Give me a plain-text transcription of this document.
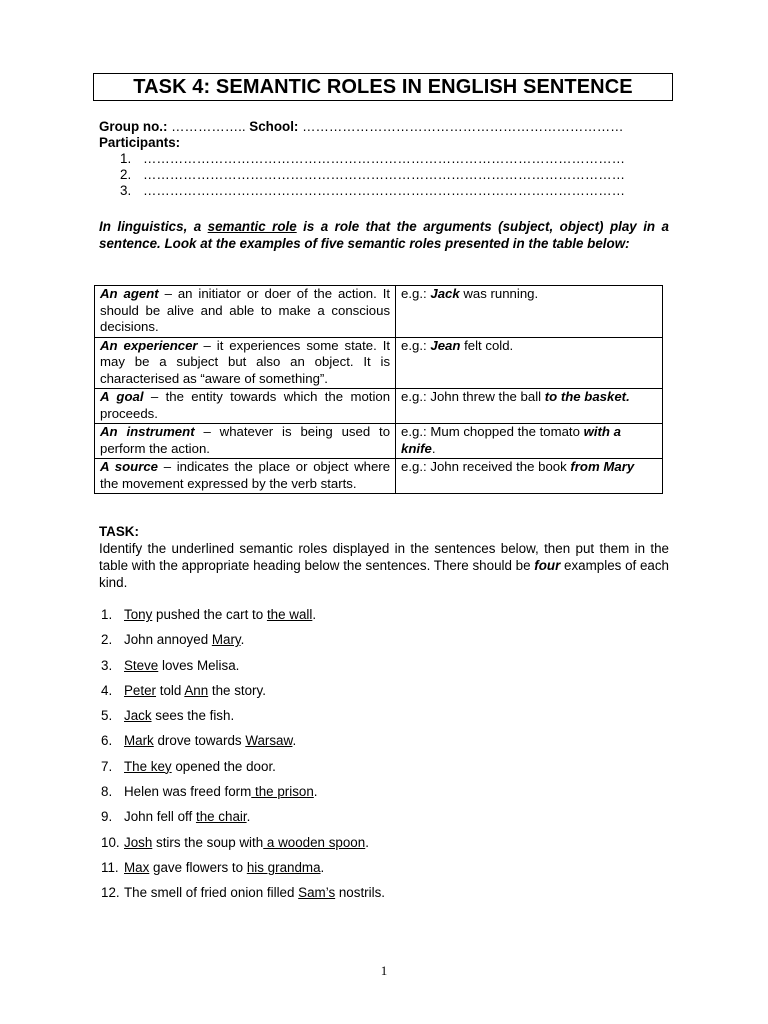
TASK 4: SEMANTIC ROLES IN ENGLISH SENTENCE
Group no.: …………….. School: ………………………………………………………………
Participants:
1. ………………………………………………………………………………………………
2. ………………………………………………………………………………………………
3. ………………………………………………………………………………………………
In linguistics, a semantic role is a role that the arguments (subject, object) play in a sentence. Look at the examples of five semantic roles presented in the table below:
An agent – an initiator or doer of the action. It should be alive and able to make a conscious decisions.	e.g.: Jack was running.
An experiencer – it experiences some state. It may be a subject but also an object. It is characterised as “aware of something”.	e.g.: Jean felt cold.
A goal – the entity towards which the motion proceeds.	e.g.: John threw the ball to the basket.
An instrument – whatever is being used to perform the action.	e.g.: Mum chopped the tomato with a knife.
A source – indicates the place or object where the movement expressed by the verb starts.	e.g.: John received the book from Mary
TASK:

Identify the underlined semantic roles displayed in the sentences below, then put them in the table with the appropriate heading below the sentences. There should be four examples of each kind.

1. Tony pushed the cart to the wall.
2. John annoyed Mary.
3. Steve loves Melisa.
4. Peter told Ann the story.
5. Jack sees the fish.
6. Mark drove towards Warsaw.
7. The key opened the door.
8. Helen was freed form the prison.
9. John fell off the chair.
10. Josh stirs the soup with a wooden spoon.
11. Max gave flowers to his grandma.
12. The smell of fried onion filled Sam’s nostrils.
1
